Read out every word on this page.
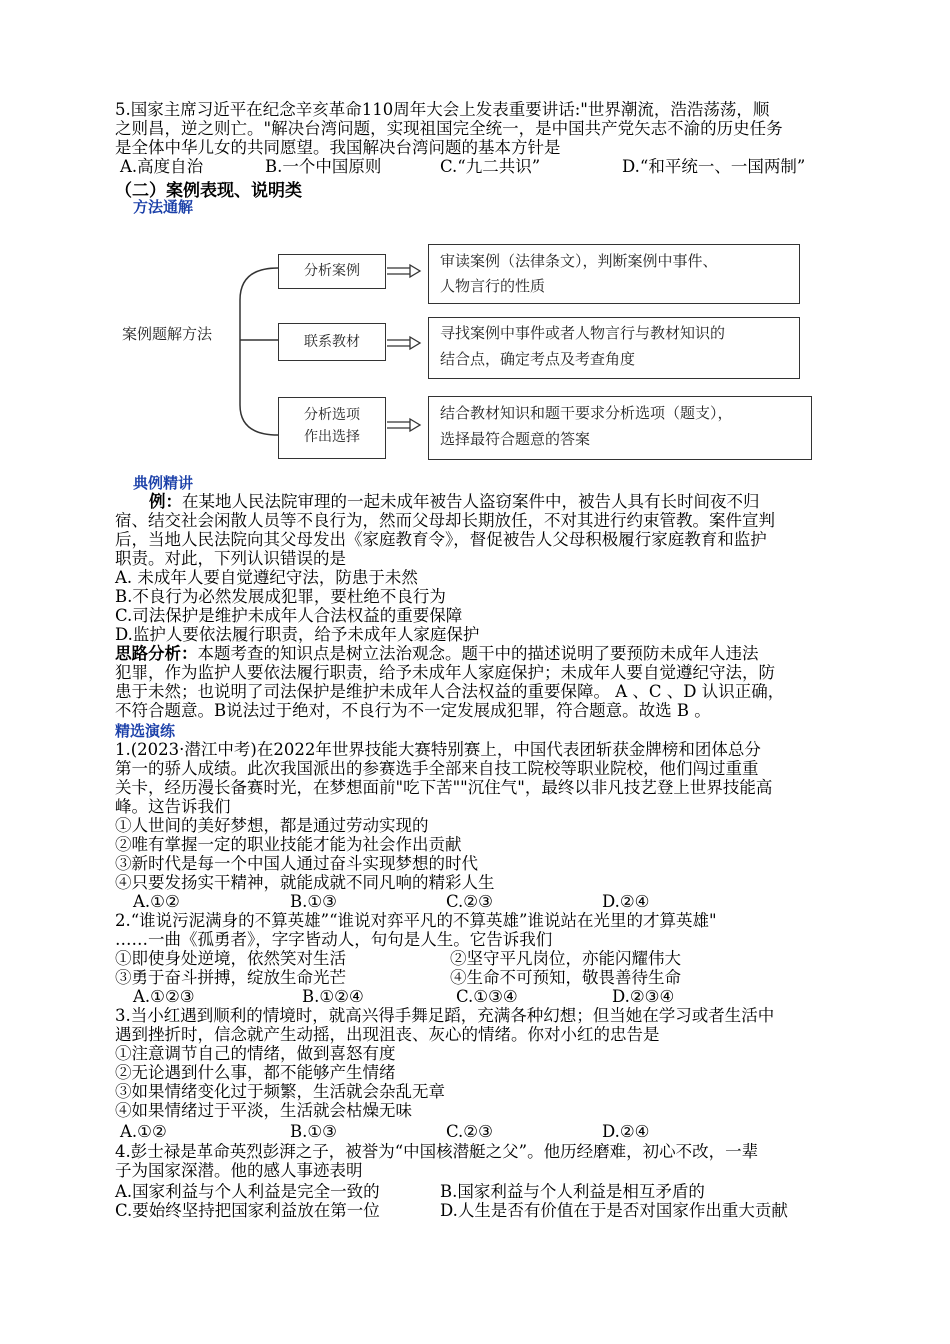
5.国家主席习近平在纪念辛亥革命110周年大会上发表重要讲话:"世界潮流，浩浩荡荡，顺
之则昌，逆之则亡。"解决台湾问题，实现祖国完全统一，是中国共产党矢志不渝的历史任务
是全体中华儿女的共同愿望。我国解决台湾问题的基本方针是
A.高度自治	B.一个中国原则	C.“九二共识”	D.“和平统一、一国两制”
（二）案例表现、说明类
方法通解
案例题解方法
分析案例
联系教材
分析选项
作出选择
审读案例（法律条文），判断案例中事件、
人物言行的性质
寻找案例中事件或者人物言行与教材知识的
结合点，确定考点及考查角度
结合教材知识和题干要求分析选项（题支），
选择最符合题意的答案
典例精讲
例：在某地人民法院审理的一起未成年被告人盗窃案件中，被告人具有长时间夜不归
宿、结交社会闲散人员等不良行为，然而父母却长期放任，不对其进行约束管教。案件宣判
后，当地人民法院向其父母发出《家庭教育令》，督促被告人父母积极履行家庭教育和监护
职责。对此，下列认识错误的是
A. 未成年人要自觉遵纪守法，防患于未然
B.不良行为必然发展成犯罪，要杜绝不良行为
C.司法保护是维护未成年人合法权益的重要保障
D.监护人要依法履行职责，给予未成年人家庭保护
思路分析：本题考查的知识点是树立法治观念。题干中的描述说明了要预防未成年人违法
犯罪，作为监护人要依法履行职责，给予未成年人家庭保护；未成年人要自觉遵纪守法，防
患于未然；也说明了司法保护是维护未成年人合法权益的重要保障。 A 、C 、D 认识正确，
不符合题意。B说法过于绝对，不良行为不一定发展成犯罪，符合题意。故选 B 。
精选演练
1.(2023·潜江中考)在2022年世界技能大赛特别赛上，中国代表团斩获金牌榜和团体总分
第一的骄人成绩。此次我国派出的参赛选手全部来自技工院校等职业院校，他们闯过重重
关卡，经历漫长备赛时光，在梦想面前"吃下苦""沉住气"，最终以非凡技艺登上世界技能高
峰。这告诉我们
①人世间的美好梦想，都是通过劳动实现的
②唯有掌握一定的职业技能才能为社会作出贡献
③新时代是每一个中国人通过奋斗实现梦想的时代
④只要发扬实干精神，就能成就不同凡响的精彩人生
A.①②	B.①③	C.②③	D.②④
2.“谁说污泥满身的不算英雄”“谁说对弈平凡的不算英雄”谁说站在光里的才算英雄"
……一曲《孤勇者》，字字皆动人，句句是人生。它告诉我们
①即使身处逆境，依然笑对生活	②坚守平凡岗位，亦能闪耀伟大
③勇于奋斗拼搏，绽放生命光芒	④生命不可预知，敬畏善待生命
A.①②③	B.①②④	C.①③④	D.②③④
3.当小红遇到顺利的情境时，就高兴得手舞足蹈，充满各种幻想；但当她在学习或者生活中
遇到挫折时，信念就产生动摇，出现沮丧、灰心的情绪。你对小红的忠告是
①注意调节自己的情绪，做到喜怒有度
②无论遇到什么事，都不能够产生情绪
③如果情绪变化过于频繁，生活就会杂乱无章
④如果情绪过于平淡，生活就会枯燥无味
A.①②	B.①③	C.②③	D.②④
4.彭士禄是革命英烈彭湃之子，被誉为“中国核潜艇之父”。他历经磨难，初心不改，一辈
子为国家深潜。他的感人事迹表明
A.国家利益与个人利益是完全一致的	B.国家利益与个人利益是相互矛盾的
C.要始终坚持把国家利益放在第一位	D.人生是否有价值在于是否对国家作出重大贡献
